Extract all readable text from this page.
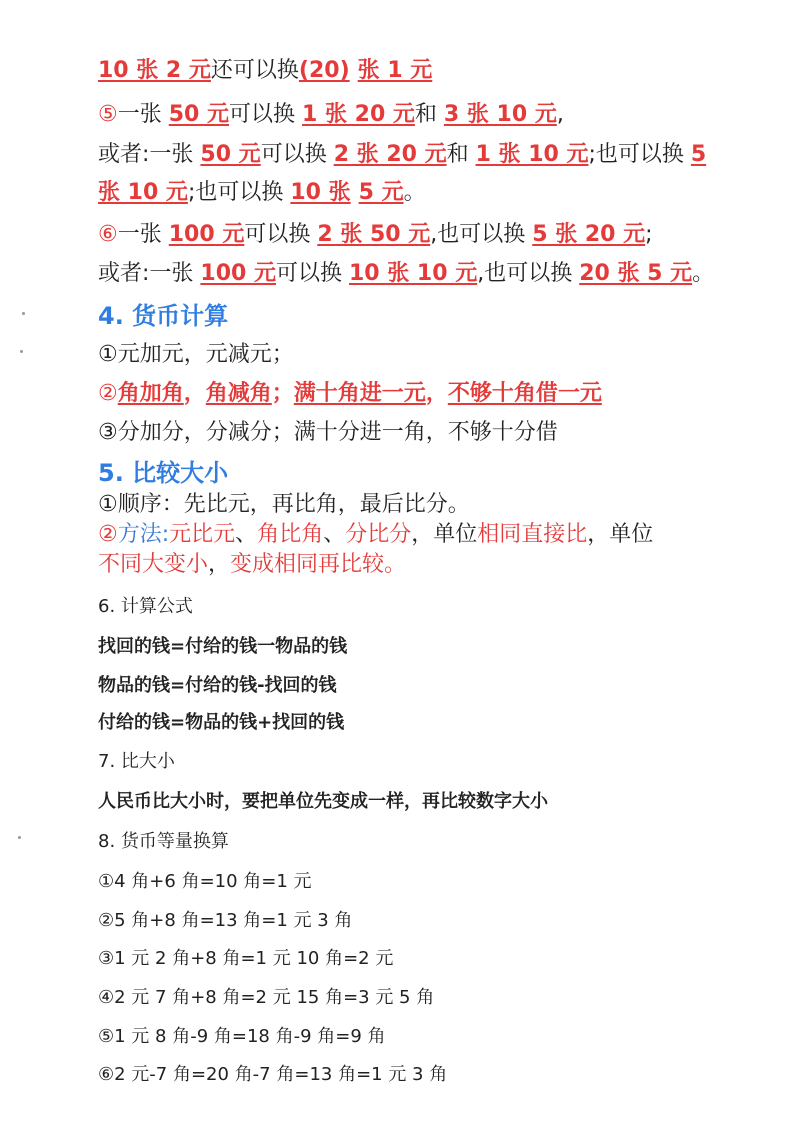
10 张 2 元还可以换(20) 张 1 元
⑤一张 50 元可以换 1 张 20 元和 3 张 10 元,
或者:一张 50 元可以换 2 张 20 元和 1 张 10 元;也可以换 5
张 10 元;也可以换 10 张 5 元。
⑥一张 100 元可以换 2 张 50 元,也可以换 5 张 20 元;
或者:一张 100 元可以换 10 张 10 元,也可以换 20 张 5 元。
4. 货币计算
①元加元，元减元；
②角加角，角减角；满十角进一元，不够十角借一元
③分加分，分减分；满十分进一角，不够十分借
5. 比较大小
①顺序：先比元，再比角，最后比分。
②方法:元比元、角比角、分比分，单位相同直接比，单位
不同大变小，变成相同再比较。
6. 计算公式
找回的钱=付给的钱一物品的钱
物品的钱=付给的钱-找回的钱
付给的钱=物品的钱+找回的钱
7. 比大小
人民币比大小时，要把单位先变成一样，再比较数字大小
8. 货币等量换算
①4 角+6 角=10 角=1 元
②5 角+8 角=13 角=1 元 3 角
③1 元 2 角+8 角=1 元 10 角=2 元
④2 元 7 角+8 角=2 元 15 角=3 元 5 角
⑤1 元 8 角-9 角=18 角-9 角=9 角
⑥2 元-7 角=20 角-7 角=13 角=1 元 3 角
